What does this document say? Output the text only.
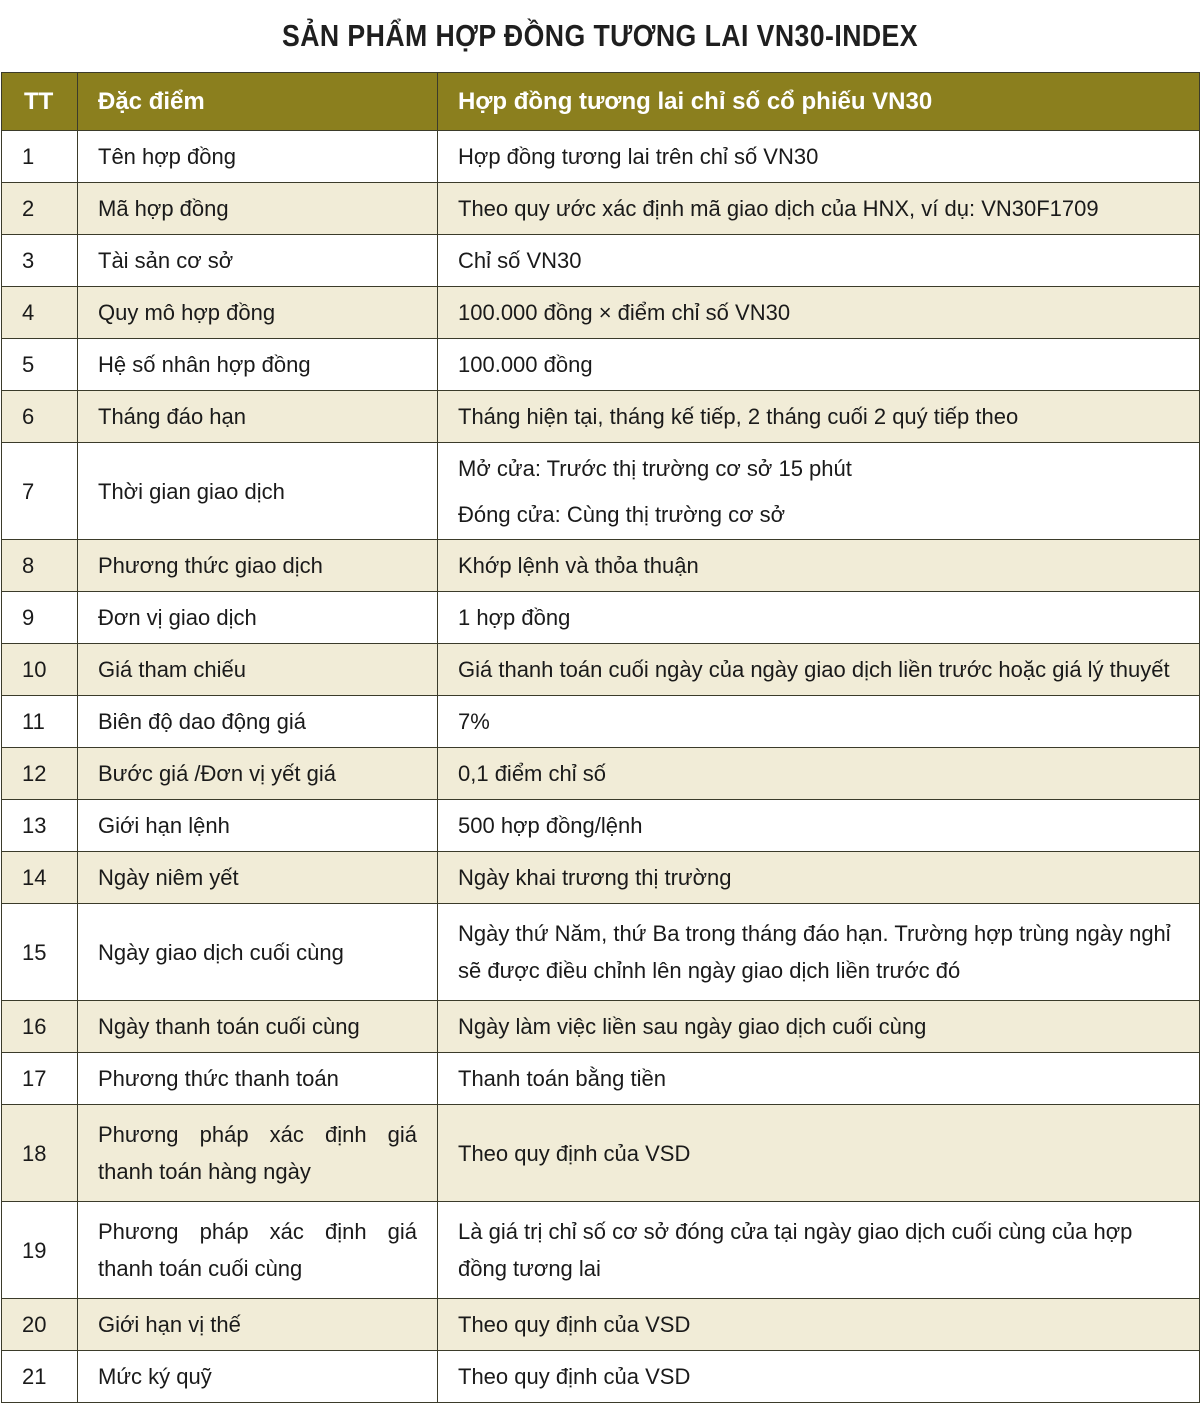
SẢN PHẨM HỢP ĐỒNG TƯƠNG LAI VN30-INDEX
TT	Đặc điểm	Hợp đồng tương lai chỉ số cổ phiếu VN30
1	Tên hợp đồng	Hợp đồng tương lai trên chỉ số VN30

2	Mã hợp đồng	Theo quy ước xác định mã giao dịch của HNX, ví dụ: VN30F1709

3	Tài sản cơ sở	Chỉ số VN30

4	Quy mô hợp đồng	100.000 đồng × điểm chỉ số VN30

5	Hệ số nhân hợp đồng	100.000 đồng

6	Tháng đáo hạn	Tháng hiện tại, tháng kế tiếp, 2 tháng cuối 2 quý tiếp theo

7	Thời gian giao dịch	Mở cửa: Trước thị trường cơ sở 15 phút
Đóng cửa: Cùng thị trường cơ sở

8	Phương thức giao dịch	Khớp lệnh và thỏa thuận

9	Đơn vị giao dịch	1 hợp đồng

10	Giá tham chiếu	Giá thanh toán cuối ngày của ngày giao dịch liền trước hoặc giá lý thuyết

11	Biên độ dao động giá	7%

12	Bước giá /Đơn vị yết giá	0,1 điểm chỉ số

13	Giới hạn lệnh	500 hợp đồng/lệnh

14	Ngày niêm yết	Ngày khai trương thị trường

15	Ngày giao dịch cuối cùng	Ngày thứ Năm, thứ Ba trong tháng đáo hạn. Trường hợp trùng ngày nghỉ sẽ được điều chỉnh lên ngày giao dịch liền trước đó

16	Ngày thanh toán cuối cùng	Ngày làm việc liền sau ngày giao dịch cuối cùng

17	Phương thức thanh toán	Thanh toán bằng tiền

18	Phương pháp xác định giá thanh toán hàng ngày	Theo quy định của VSD

19	Phương pháp xác định giá thanh toán cuối cùng	Là giá trị chỉ số cơ sở đóng cửa tại ngày giao dịch cuối cùng của hợp đồng tương lai

20	Giới hạn vị thế	Theo quy định của VSD

21	Mức ký quỹ	Theo quy định của VSD
